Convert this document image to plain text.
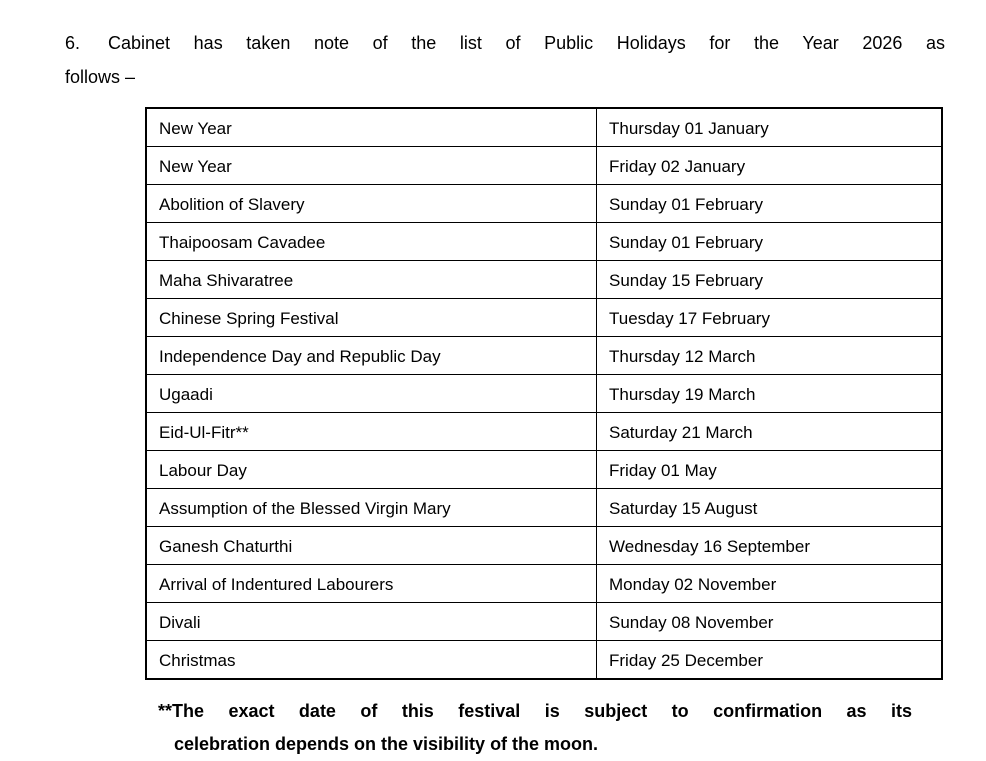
6. Cabinet has taken note of the list of Public Holidays for the Year 2026 as
follows –
New Year	Thursday 01 January
New Year	Friday 02 January
Abolition of Slavery	Sunday 01 February
Thaipoosam Cavadee	Sunday 01 February
Maha Shivaratree	Sunday 15 February
Chinese Spring Festival	Tuesday 17 February
Independence Day and Republic Day	Thursday 12 March
Ugaadi	Thursday 19 March
Eid-Ul-Fitr**	Saturday 21 March
Labour Day	Friday 01 May
Assumption of the Blessed Virgin Mary	Saturday 15 August
Ganesh Chaturthi	Wednesday 16 September
Arrival of Indentured Labourers	Monday 02 November
Divali	Sunday 08 November
Christmas	Friday 25 December
**The exact date of this festival is subject to confirmation as its
celebration depends on the visibility of the moon.
